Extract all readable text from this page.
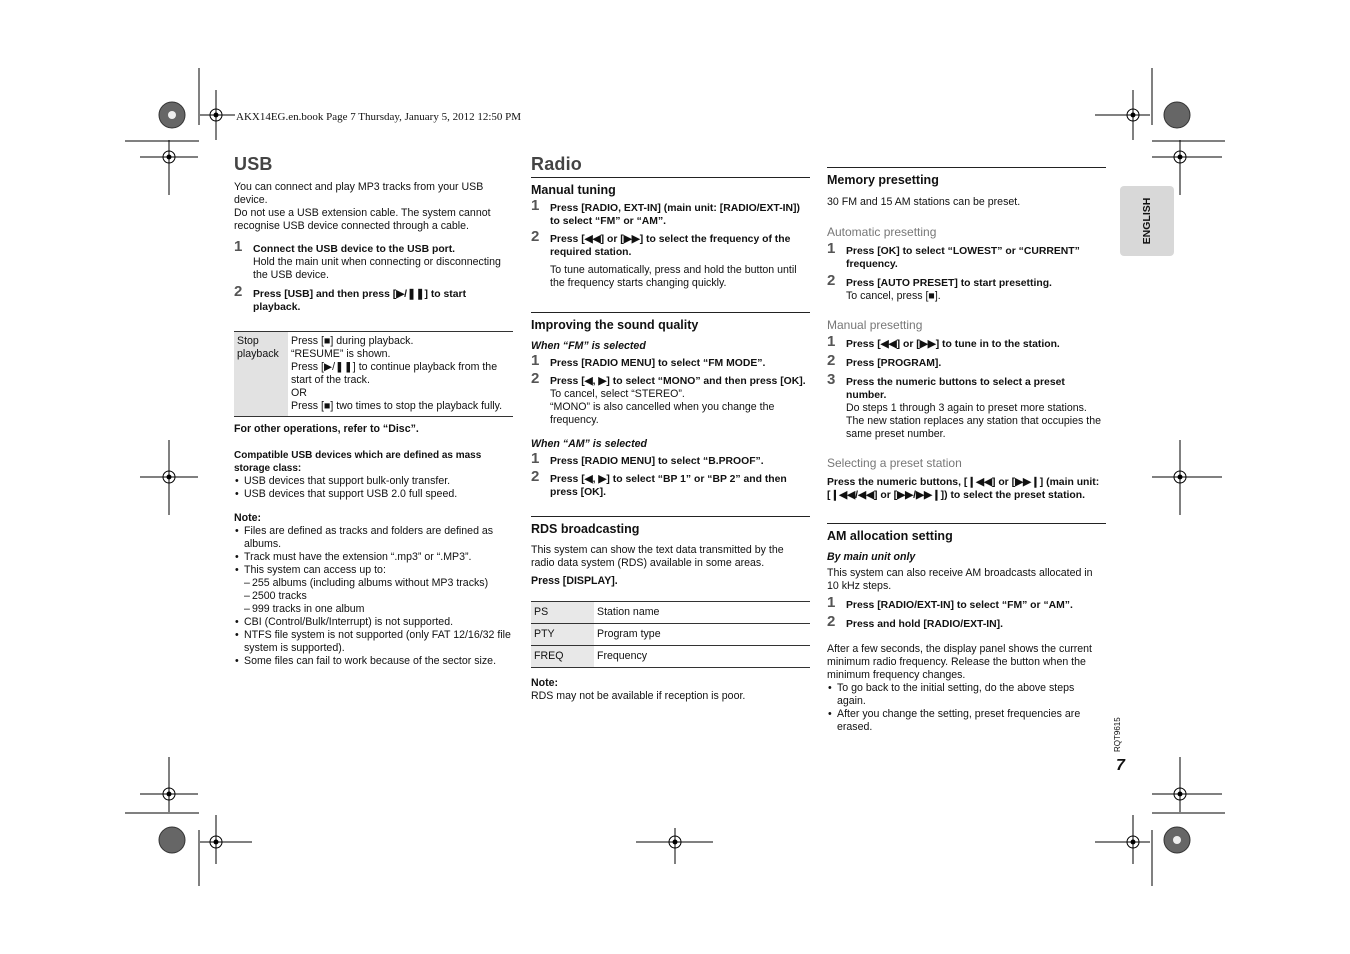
AKX14EG.en.book Page 7 Thursday, January 5, 2012 12:50 PM
ENGLISH
USB
You can connect and play MP3 tracks from your USB device.
Do not use a USB extension cable. The system cannot recognise USB device connected through a cable.
1 Connect the USB device to the USB port.
Hold the main unit when connecting or disconnecting the USB device.
2 Press [USB] and then press [▶/❚❚] to start playback.
Stop playback	
Press [■] during playback.
“RESUME” is shown.
Press [▶/❚❚] to continue playback from the start of the track.
OR
Press [■] two times to stop the playback fully.
For other operations, refer to “Disc”.
Compatible USB devices which are defined as mass storage class:
• USB devices that support bulk-only transfer.
• USB devices that support USB 2.0 full speed.
Note:
• Files are defined as tracks and folders are defined as albums.
• Track must have the extension “.mp3” or “.MP3”.
• This system can access up to:
– 255 albums (including albums without MP3 tracks)
– 2500 tracks
– 999 tracks in one album
• CBI (Control/Bulk/Interrupt) is not supported.
• NTFS file system is not supported (only FAT 12/16/32 file system is supported).
• Some files can fail to work because of the sector size.
Radio
Manual tuning
1 Press [RADIO, EXT-IN] (main unit: [RADIO/EXT-IN]) to select “FM” or “AM”.
2 Press [◀◀] or [▶▶] to select the frequency of the required station.
To tune automatically, press and hold the button until the frequency starts changing quickly.
Improving the sound quality
When “FM” is selected
1 Press [RADIO MENU] to select “FM MODE”.
2 Press [◀, ▶] to select “MONO” and then press [OK].
To cancel, select “STEREO”.
“MONO” is also cancelled when you change the frequency.
When “AM” is selected
1 Press [RADIO MENU] to select “B.PROOF”.
2 Press [◀, ▶] to select “BP 1” or “BP 2” and then press [OK].
RDS broadcasting
This system can show the text data transmitted by the radio data system (RDS) available in some areas.
Press [DISPLAY].
PS	Station name
PTY	Program type
FREQ	Frequency
Note:
RDS may not be available if reception is poor.
Memory presetting
30 FM and 15 AM stations can be preset.
Automatic presetting
1 Press [OK] to select “LOWEST” or “CURRENT” frequency.
2 Press [AUTO PRESET] to start presetting.
To cancel, press [■].
Manual presetting
1 Press [◀◀] or [▶▶] to tune in to the station.
2 Press [PROGRAM].
3 Press the numeric buttons to select a preset number.
Do steps 1 through 3 again to preset more stations. The new station replaces any station that occupies the same preset number.
Selecting a preset station
Press the numeric buttons, [❙◀◀] or [▶▶❙] (main unit: [❙◀◀/◀◀] or [▶▶/▶▶❙]) to select the preset station.
AM allocation setting
By main unit only
This system can also receive AM broadcasts allocated in 10 kHz steps.
1 Press [RADIO/EXT-IN] to select “FM” or “AM”.
2 Press and hold [RADIO/EXT-IN].
After a few seconds, the display panel shows the current minimum radio frequency. Release the button when the minimum frequency changes.
• To go back to the initial setting, do the above steps again.
• After you change the setting, preset frequencies are erased.	RQT9615
7
